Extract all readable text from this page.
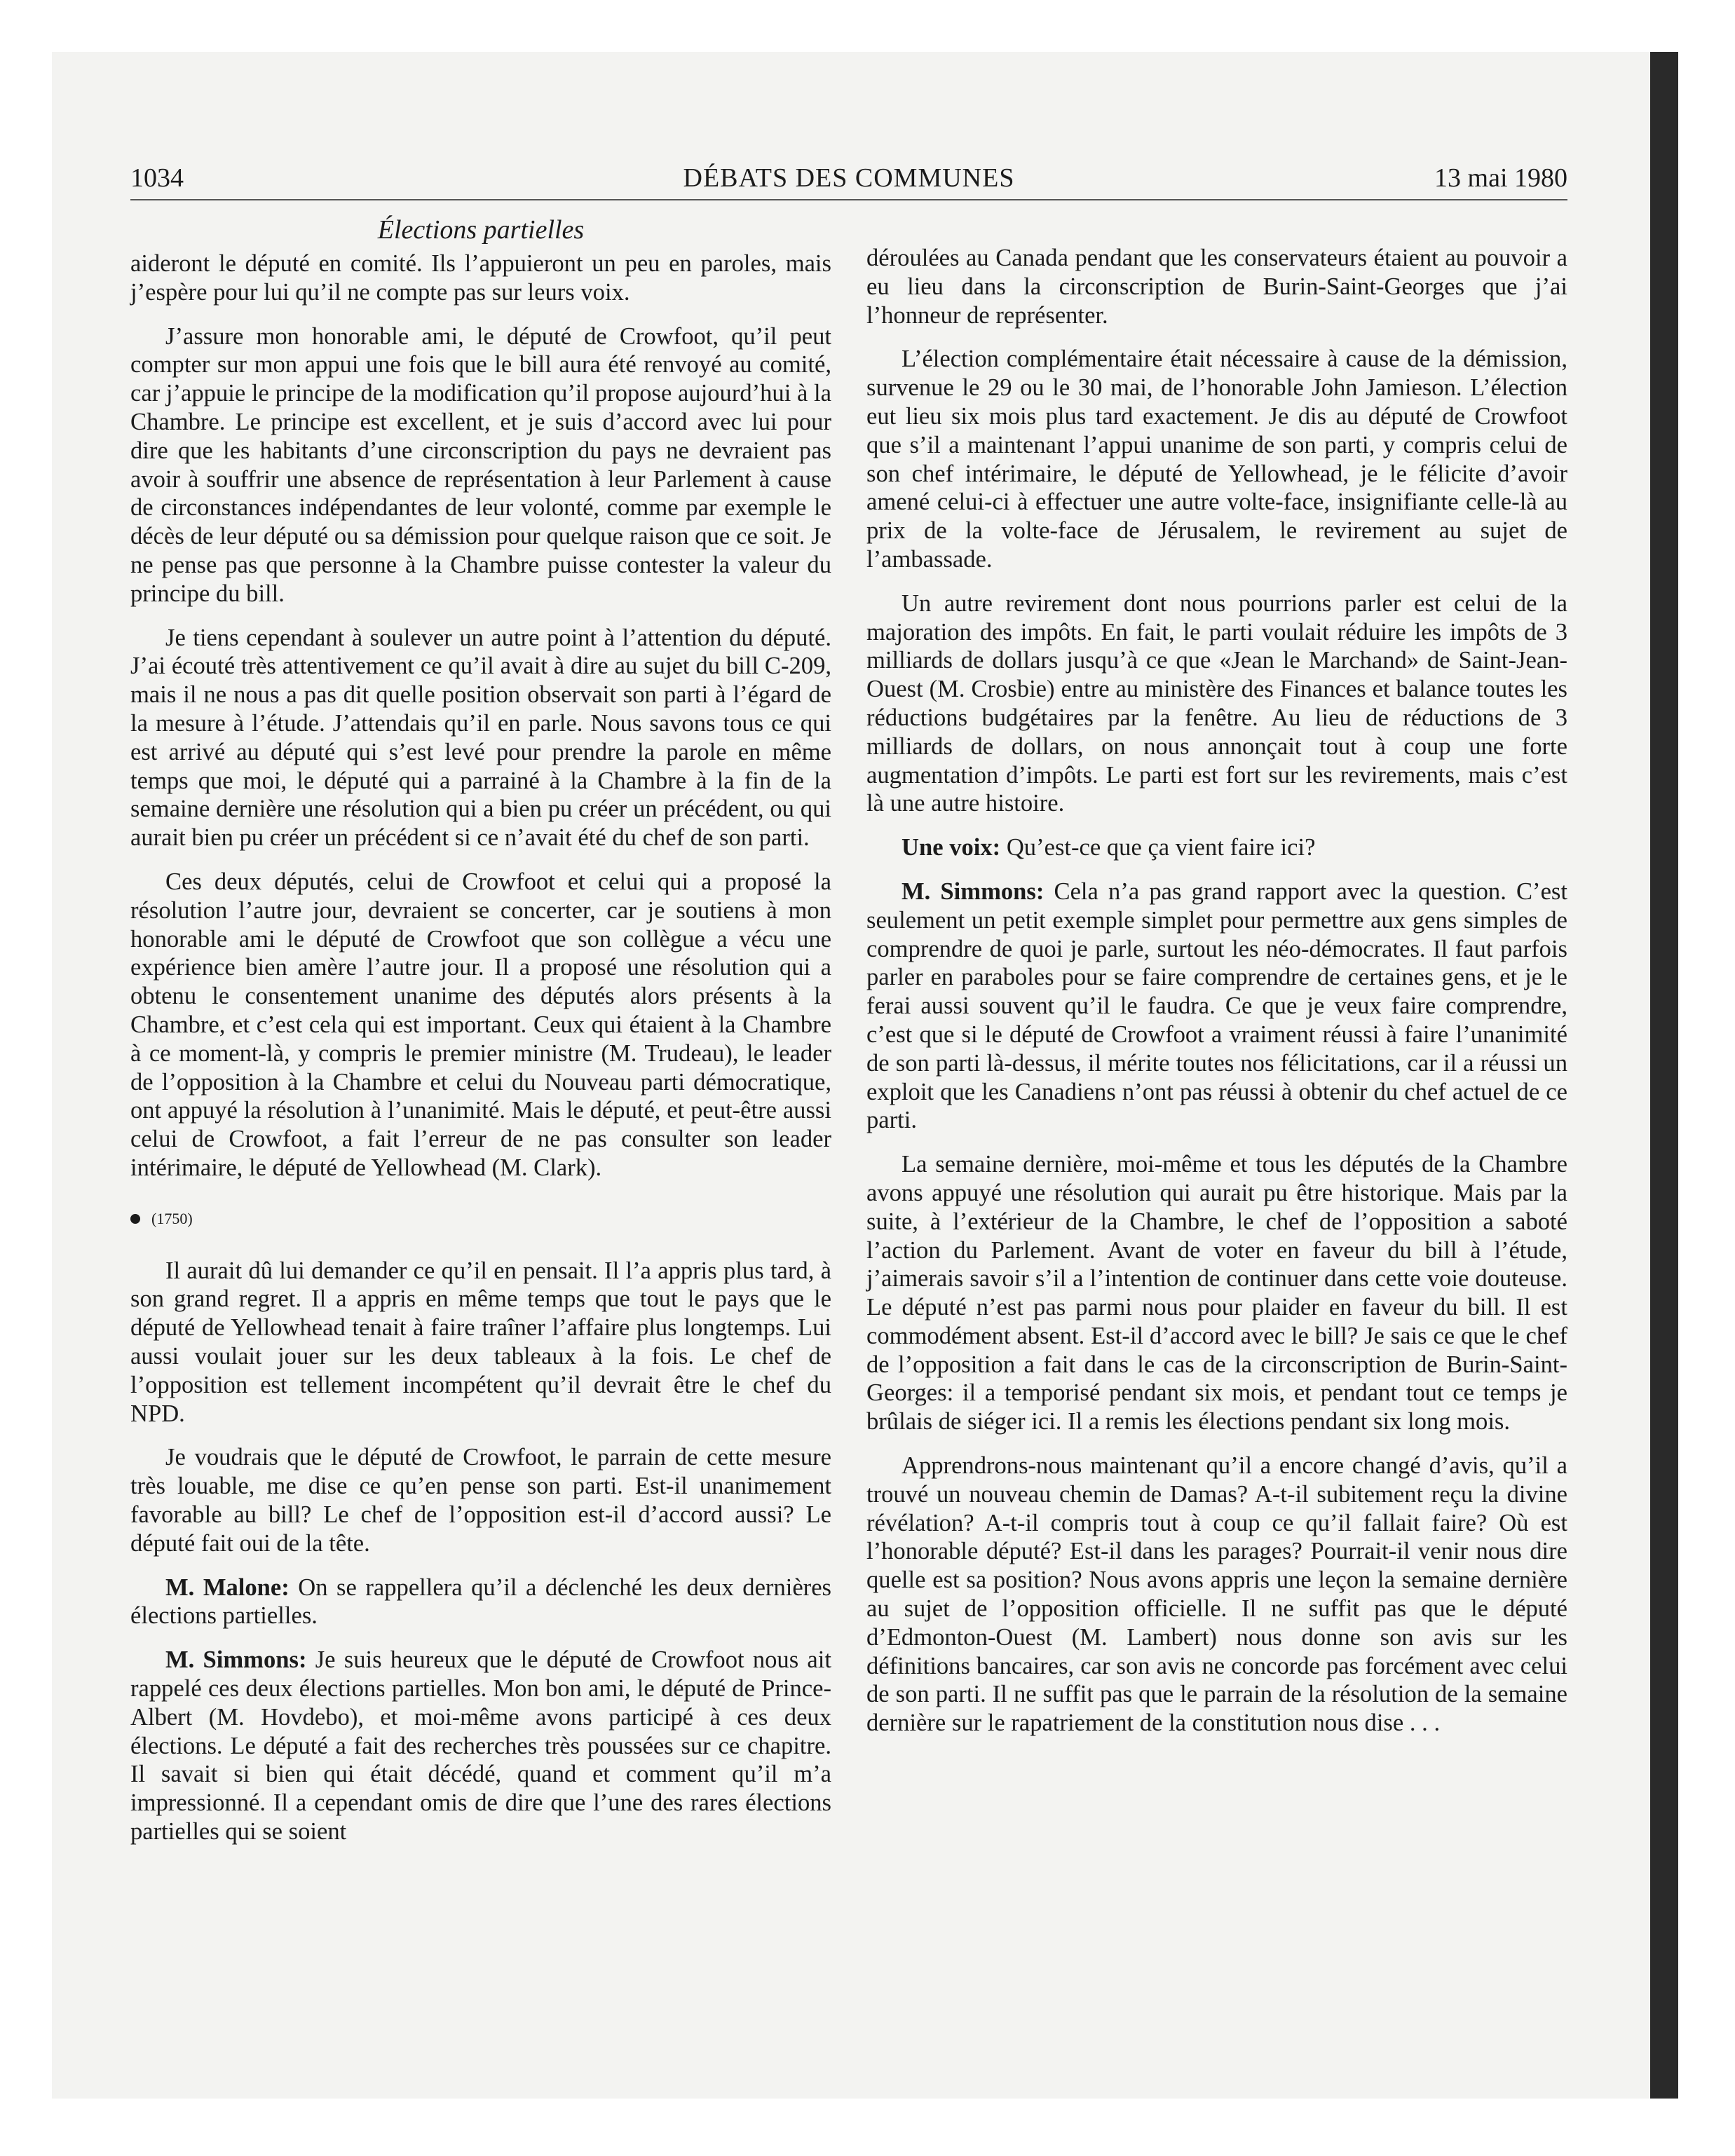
1034	DÉBATS DES COMMUNES	13 mai 1980
Élections partielles

aideront le député en comité. Ils l’appuieront un peu en paroles, mais j’espère pour lui qu’il ne compte pas sur leurs voix.

J’assure mon honorable ami, le député de Crowfoot, qu’il peut compter sur mon appui une fois que le bill aura été renvoyé au comité, car j’appuie le principe de la modification qu’il propose aujourd’hui à la Chambre. Le principe est excellent, et je suis d’accord avec lui pour dire que les habitants d’une circonscription du pays ne devraient pas avoir à souffrir une absence de représentation à leur Parlement à cause de circonstances indépendantes de leur volonté, comme par exemple le décès de leur député ou sa démission pour quelque raison que ce soit. Je ne pense pas que personne à la Chambre puisse contester la valeur du principe du bill.

Je tiens cependant à soulever un autre point à l’attention du député. J’ai écouté très attentivement ce qu’il avait à dire au sujet du bill C-209, mais il ne nous a pas dit quelle position observait son parti à l’égard de la mesure à l’étude. J’attendais qu’il en parle. Nous savons tous ce qui est arrivé au député qui s’est levé pour prendre la parole en même temps que moi, le député qui a parrainé à la Chambre à la fin de la semaine dernière une résolution qui a bien pu créer un précédent, ou qui aurait bien pu créer un précédent si ce n’avait été du chef de son parti.

Ces deux députés, celui de Crowfoot et celui qui a proposé la résolution l’autre jour, devraient se concerter, car je soutiens à mon honorable ami le député de Crowfoot que son collègue a vécu une expérience bien amère l’autre jour. Il a proposé une résolution qui a obtenu le consentement unanime des députés alors présents à la Chambre, et c’est cela qui est important. Ceux qui étaient à la Chambre à ce moment-là, y compris le premier ministre (M. Trudeau), le leader de l’opposition à la Chambre et celui du Nouveau parti démocratique, ont appuyé la résolution à l’unanimité. Mais le député, et peut-être aussi celui de Crowfoot, a fait l’erreur de ne pas consulter son leader intérimaire, le député de Yellowhead (M. Clark).

(1750)

Il aurait dû lui demander ce qu’il en pensait. Il l’a appris plus tard, à son grand regret. Il a appris en même temps que tout le pays que le député de Yellowhead tenait à faire traîner l’affaire plus longtemps. Lui aussi voulait jouer sur les deux tableaux à la fois. Le chef de l’opposition est tellement incompétent qu’il devrait être le chef du NPD.

Je voudrais que le député de Crowfoot, le parrain de cette mesure très louable, me dise ce qu’en pense son parti. Est-il unanimement favorable au bill? Le chef de l’opposition est-il d’accord aussi? Le député fait oui de la tête.

M. Malone: On se rappellera qu’il a déclenché les deux dernières élections partielles.

M. Simmons: Je suis heureux que le député de Crowfoot nous ait rappelé ces deux élections partielles. Mon bon ami, le député de Prince-Albert (M. Hovdebo), et moi-même avons participé à ces deux élections. Le député a fait des recherches très poussées sur ce chapitre. Il savait si bien qui était décédé, quand et comment qu’il m’a impressionné. Il a cependant omis de dire que l’une des rares élections partielles qui se soient

déroulées au Canada pendant que les conservateurs étaient au pouvoir a eu lieu dans la circonscription de Burin-Saint-Georges que j’ai l’honneur de représenter.

L’élection complémentaire était nécessaire à cause de la démission, survenue le 29 ou le 30 mai, de l’honorable John Jamieson. L’élection eut lieu six mois plus tard exactement. Je dis au député de Crowfoot que s’il a maintenant l’appui unanime de son parti, y compris celui de son chef intérimaire, le député de Yellowhead, je le félicite d’avoir amené celui-ci à effectuer une autre volte-face, insignifiante celle-là au prix de la volte-face de Jérusalem, le revirement au sujet de l’ambassade.

Un autre revirement dont nous pourrions parler est celui de la majoration des impôts. En fait, le parti voulait réduire les impôts de 3 milliards de dollars jusqu’à ce que «Jean le Marchand» de Saint-Jean-Ouest (M. Crosbie) entre au ministère des Finances et balance toutes les réductions budgétaires par la fenêtre. Au lieu de réductions de 3 milliards de dollars, on nous annonçait tout à coup une forte augmentation d’impôts. Le parti est fort sur les revirements, mais c’est là une autre histoire.

Une voix: Qu’est-ce que ça vient faire ici?

M. Simmons: Cela n’a pas grand rapport avec la question. C’est seulement un petit exemple simplet pour permettre aux gens simples de comprendre de quoi je parle, surtout les néo-démocrates. Il faut parfois parler en paraboles pour se faire comprendre de certaines gens, et je le ferai aussi souvent qu’il le faudra. Ce que je veux faire comprendre, c’est que si le député de Crowfoot a vraiment réussi à faire l’unanimité de son parti là-dessus, il mérite toutes nos félicitations, car il a réussi un exploit que les Canadiens n’ont pas réussi à obtenir du chef actuel de ce parti.

La semaine dernière, moi-même et tous les députés de la Chambre avons appuyé une résolution qui aurait pu être historique. Mais par la suite, à l’extérieur de la Chambre, le chef de l’opposition a saboté l’action du Parlement. Avant de voter en faveur du bill à l’étude, j’aimerais savoir s’il a l’intention de continuer dans cette voie douteuse. Le député n’est pas parmi nous pour plaider en faveur du bill. Il est commodément absent. Est-il d’accord avec le bill? Je sais ce que le chef de l’opposition a fait dans le cas de la circonscription de Burin-Saint-Georges: il a temporisé pendant six mois, et pendant tout ce temps je brûlais de siéger ici. Il a remis les élections pendant six long mois.

Apprendrons-nous maintenant qu’il a encore changé d’avis, qu’il a trouvé un nouveau chemin de Damas? A-t-il subitement reçu la divine révélation? A-t-il compris tout à coup ce qu’il fallait faire? Où est l’honorable député? Est-il dans les parages? Pourrait-il venir nous dire quelle est sa position? Nous avons appris une leçon la semaine dernière au sujet de l’opposition officielle. Il ne suffit pas que le député d’Edmonton-Ouest (M. Lambert) nous donne son avis sur les définitions bancaires, car son avis ne concorde pas forcément avec celui de son parti. Il ne suffit pas que le parrain de la résolution de la semaine dernière sur le rapatriement de la constitution nous dise . . .
